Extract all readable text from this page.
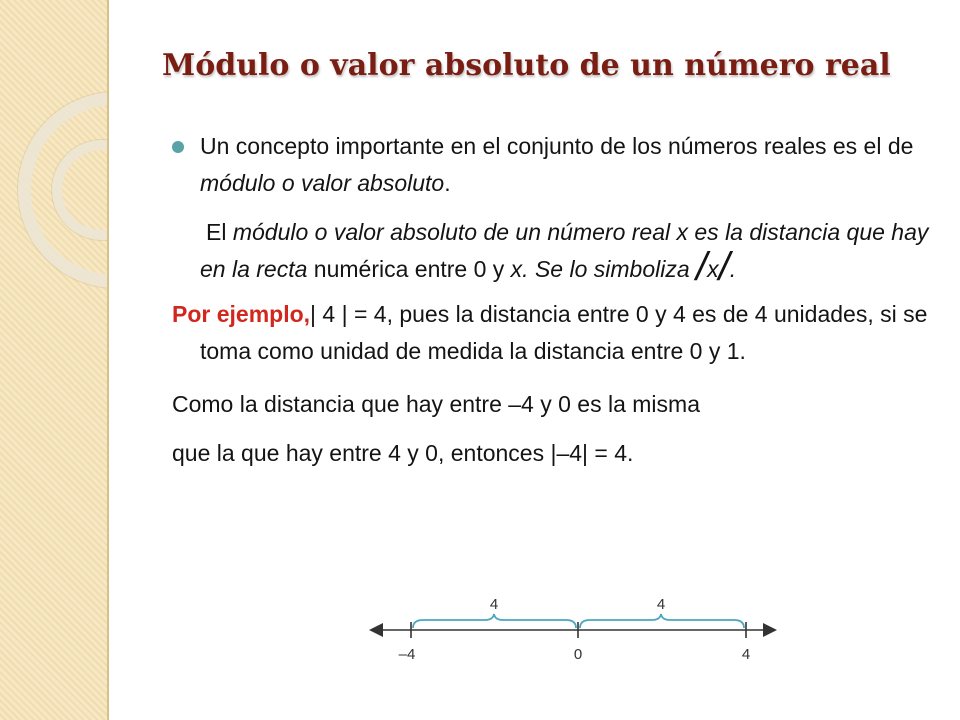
Módulo o valor absoluto de un número real

Un concepto importante en el conjunto de los números reales es el de módulo o valor absoluto.

El módulo o valor absoluto de un número real x es la distancia que hay en la recta numérica entre 0 y x. Se lo simboliza /x/.

Por ejemplo,| 4 | = 4, pues la distancia entre 0 y 4 es de 4 unidades, si se toma como unidad de medida la distancia entre 0 y 1.

Como la distancia que hay entre –4 y 0 es la misma

que la que hay entre 4 y 0, entonces |–4| = 4.

4	4
–4	0	4
